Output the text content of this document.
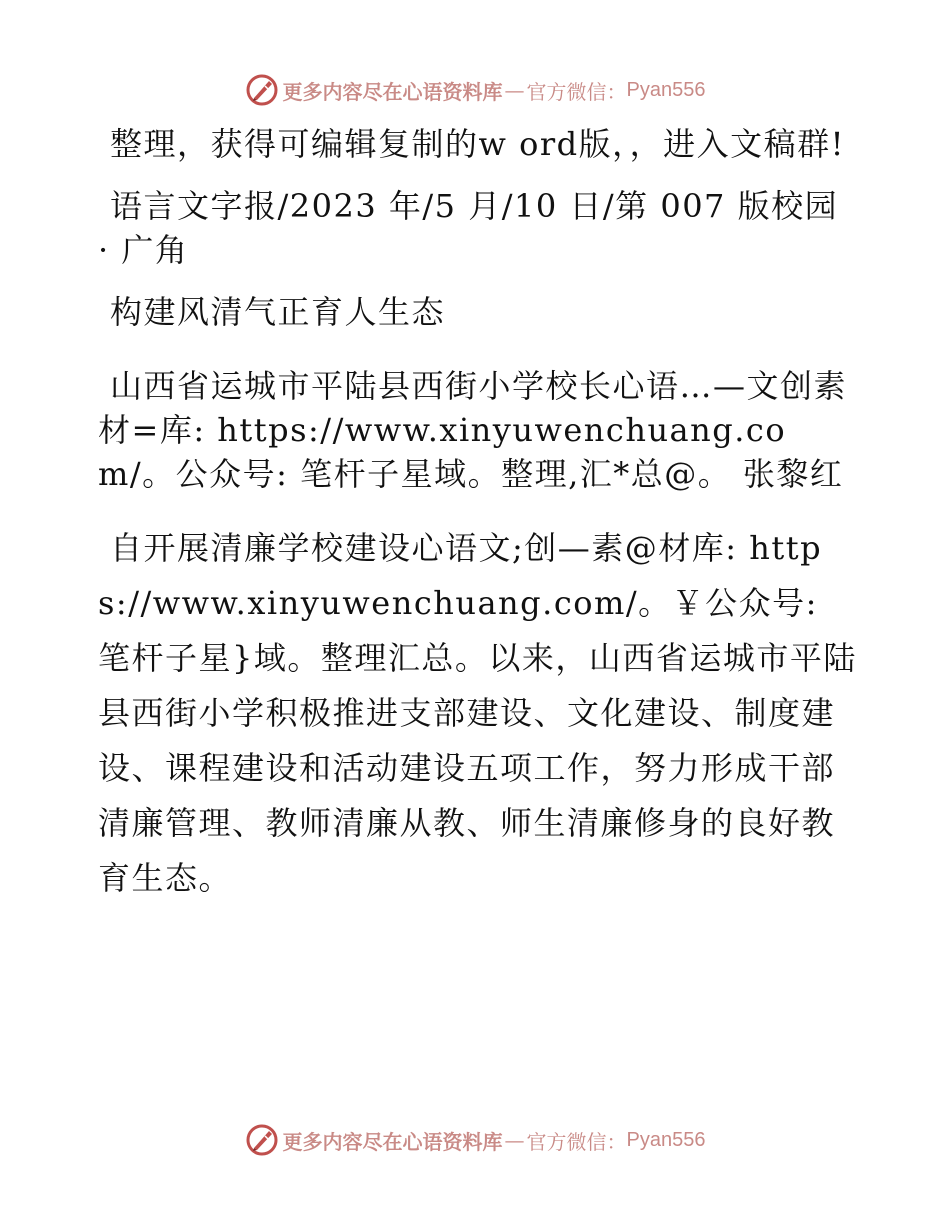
更多内容尽在心语资料库 — 官方微信： Pyan556

整理，获得可编辑复制的w ord版，，进入文稿群!

语言文字报/2023 年/5 月/10 日/第 007 版校园 · 广角

构建风清气正育人生态

山西省运城市平陆县西街小学校长心语…—文创素材=库: https://www.xinyuwenchuang.com/。公众号: 笔杆子星域。整理,汇*总@。 张黎红

自开展清廉学校建设心语文;创—素@材库: https://www.xinyuwenchuang.com/。￥公众号: 笔杆子星}域。整理汇总。以来，山西省运城市平陆县西街小学积极推进支部建设、文化建设、制度建设、课程建设和活动建设五项工作，努力形成干部清廉管理、教师清廉从教、师生清廉修身的良好教育生态。

更多内容尽在心语资料库 — 官方微信： Pyan556
